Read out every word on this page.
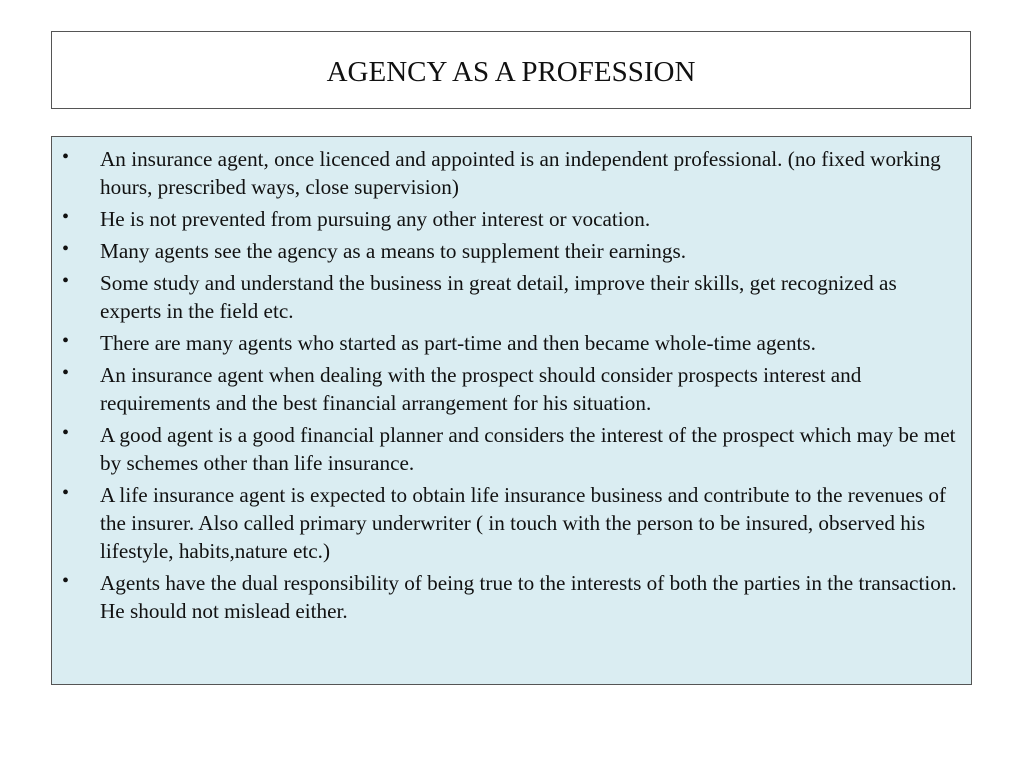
AGENCY AS A PROFESSION
• An insurance agent, once licenced and appointed is an independent professional. (no fixed working hours, prescribed ways, close supervision)
• He is not prevented from pursuing any other interest or vocation.
• Many agents see the agency as a means to supplement their earnings.
• Some study and understand the business in great detail, improve their skills, get recognized as experts in the field etc.
• There are many agents who started as part-time and then became whole-time agents.
• An insurance agent when dealing with the prospect should consider prospects interest and requirements and the best financial arrangement for his situation.
• A good agent is a good financial planner and considers the interest of the prospect which may be met by schemes other than life insurance.
• A life insurance agent is expected to obtain life insurance business and contribute to the revenues of the insurer. Also called primary underwriter ( in touch with the person to be insured, observed his lifestyle, habits,nature etc.)
• Agents have the dual responsibility of being true to the interests of both the parties in the transaction. He should not mislead either.
